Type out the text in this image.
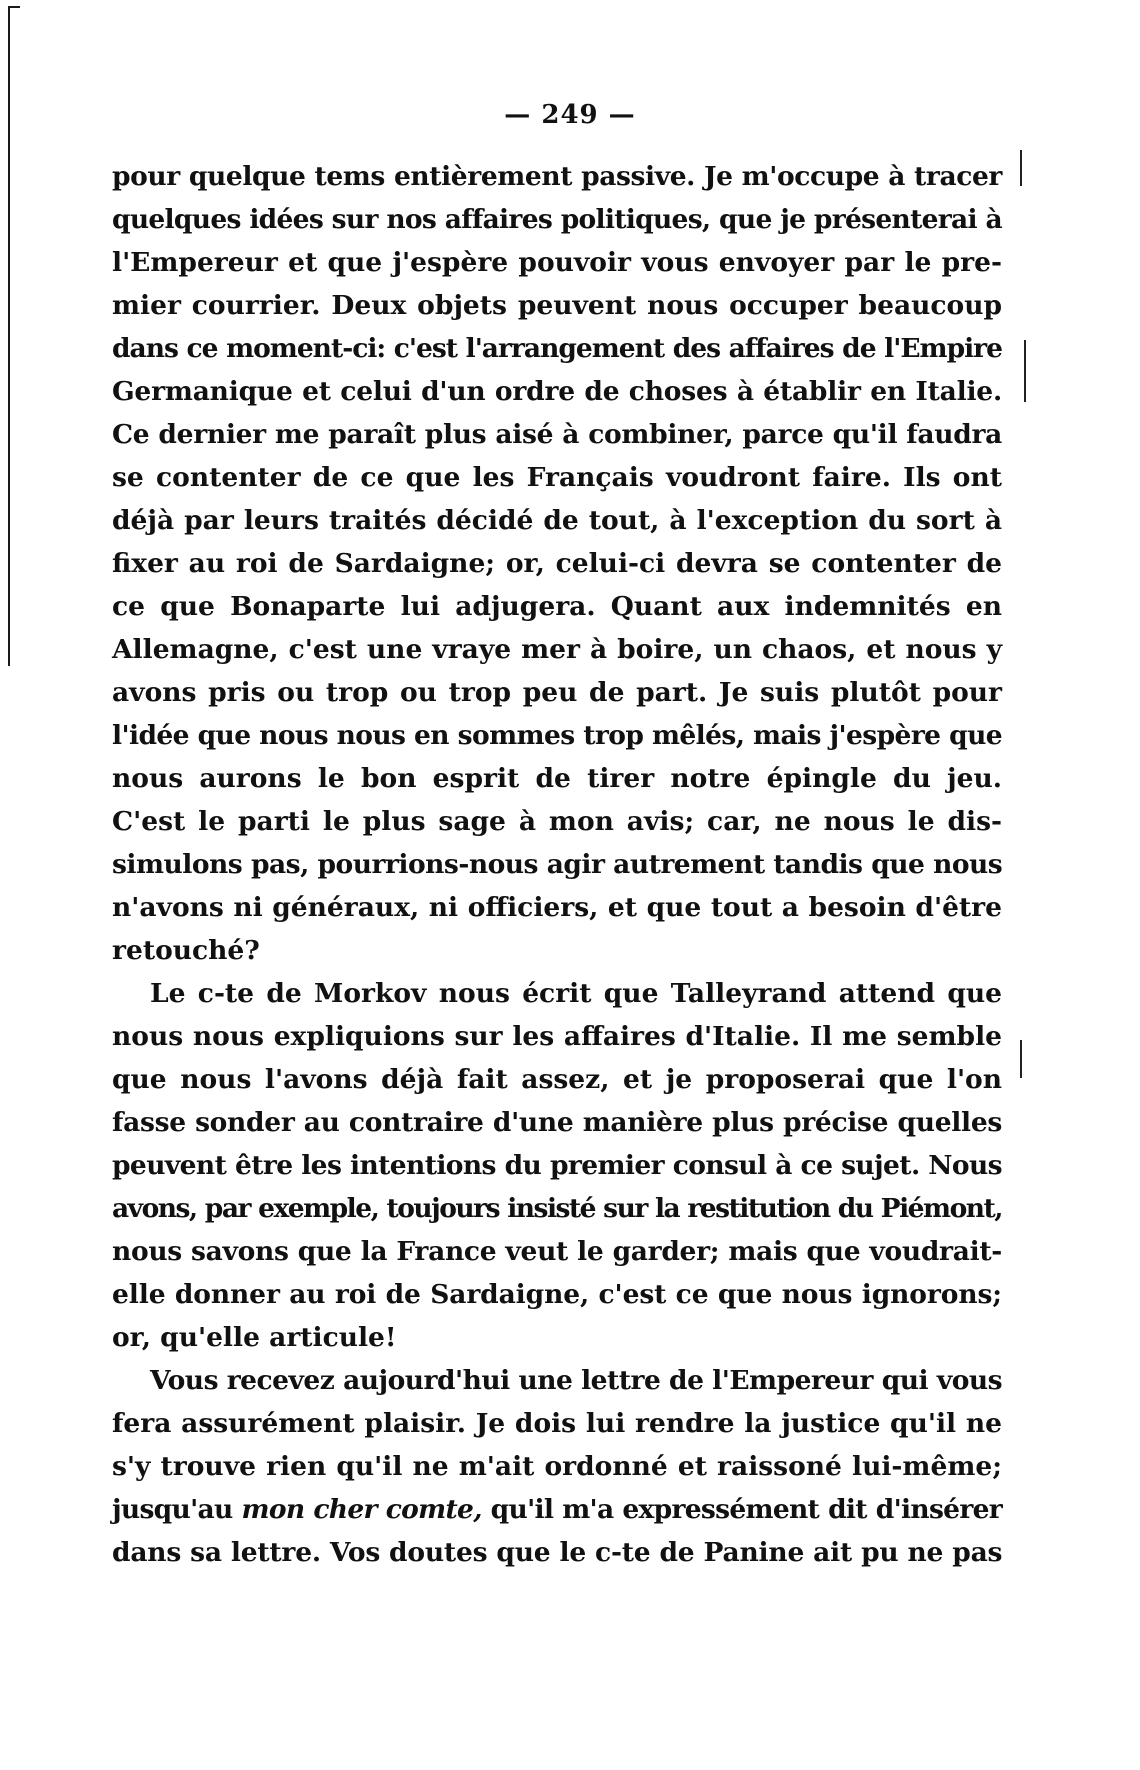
— 249 —
pour quelque tems entièrement passive. Je m'occupe à tracer
quelques idées sur nos affaires politiques, que je présenterai à
l'Empereur et que j'espère pouvoir vous envoyer par le pre-
mier courrier. Deux objets peuvent nous occuper beaucoup
dans ce moment-ci: c'est l'arrangement des affaires de l'Empire
Germanique et celui d'un ordre de choses à établir en Italie.
Ce dernier me paraît plus aisé à combiner, parce qu'il faudra
se contenter de ce que les Français voudront faire. Ils ont
déjà par leurs traités décidé de tout, à l'exception du sort à
fixer au roi de Sardaigne; or, celui-ci devra se contenter de
ce que Bonaparte lui adjugera. Quant aux indemnités en
Allemagne, c'est une vraye mer à boire, un chaos, et nous y
avons pris ou trop ou trop peu de part. Je suis plutôt pour
l'idée que nous nous en sommes trop mêlés, mais j'espère que
nous aurons le bon esprit de tirer notre épingle du jeu.
C'est le parti le plus sage à mon avis; car, ne nous le dis-
simulons pas, pourrions-nous agir autrement tandis que nous
n'avons ni généraux, ni officiers, et que tout a besoin d'être
retouché?
Le c-te de Morkov nous écrit que Talleyrand attend que
nous nous expliquions sur les affaires d'Italie. Il me semble
que nous l'avons déjà fait assez, et je proposerai que l'on
fasse sonder au contraire d'une manière plus précise quelles
peuvent être les intentions du premier consul à ce sujet. Nous
avons, par exemple, toujours insisté sur la restitution du Piémont,
nous savons que la France veut le garder; mais que voudrait-
elle donner au roi de Sardaigne, c'est ce que nous ignorons;
or, qu'elle articule!
Vous recevez aujourd'hui une lettre de l'Empereur qui vous
fera assurément plaisir. Je dois lui rendre la justice qu'il ne
s'y trouve rien qu'il ne m'ait ordonné et raissoné lui-même;
jusqu'au mon cher comte, qu'il m'a expressément dit d'insérer
dans sa lettre. Vos doutes que le c-te de Panine ait pu ne pas
